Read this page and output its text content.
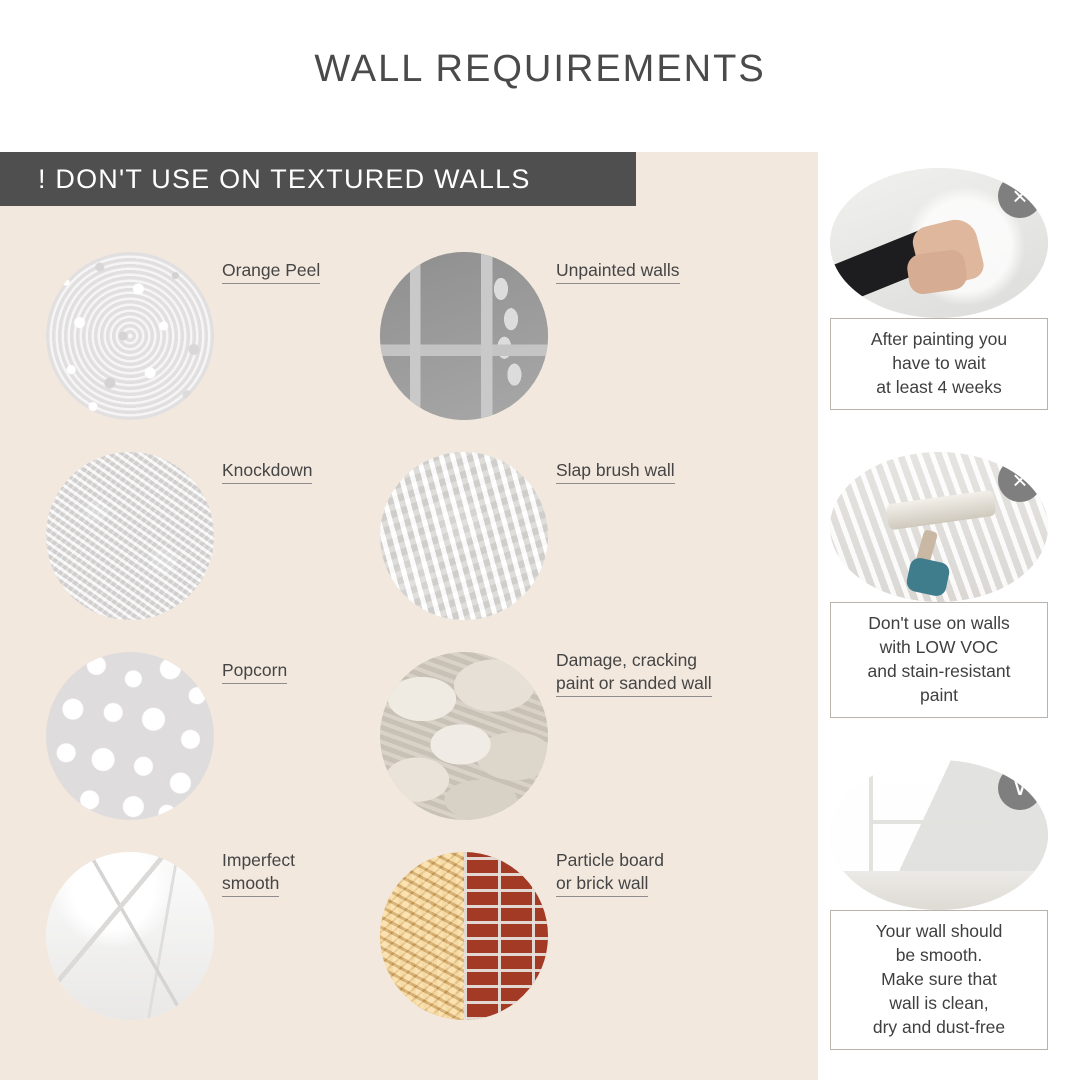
WALL REQUIREMENTS
! DON'T USE ON TEXTURED WALLS
Orange Peel	Unpainted walls
Knockdown	Slap brush wall
Popcorn	Damage, cracking
paint or sanded wall
Imperfect
smooth
Particle board
or brick wall
×
After painting you
have to wait
at least 4 weeks
×
Don't use on walls
with LOW VOC
and stain-resistant
paint
∨
Your wall should
be smooth.
Make sure that
wall is clean,
dry and dust-free
